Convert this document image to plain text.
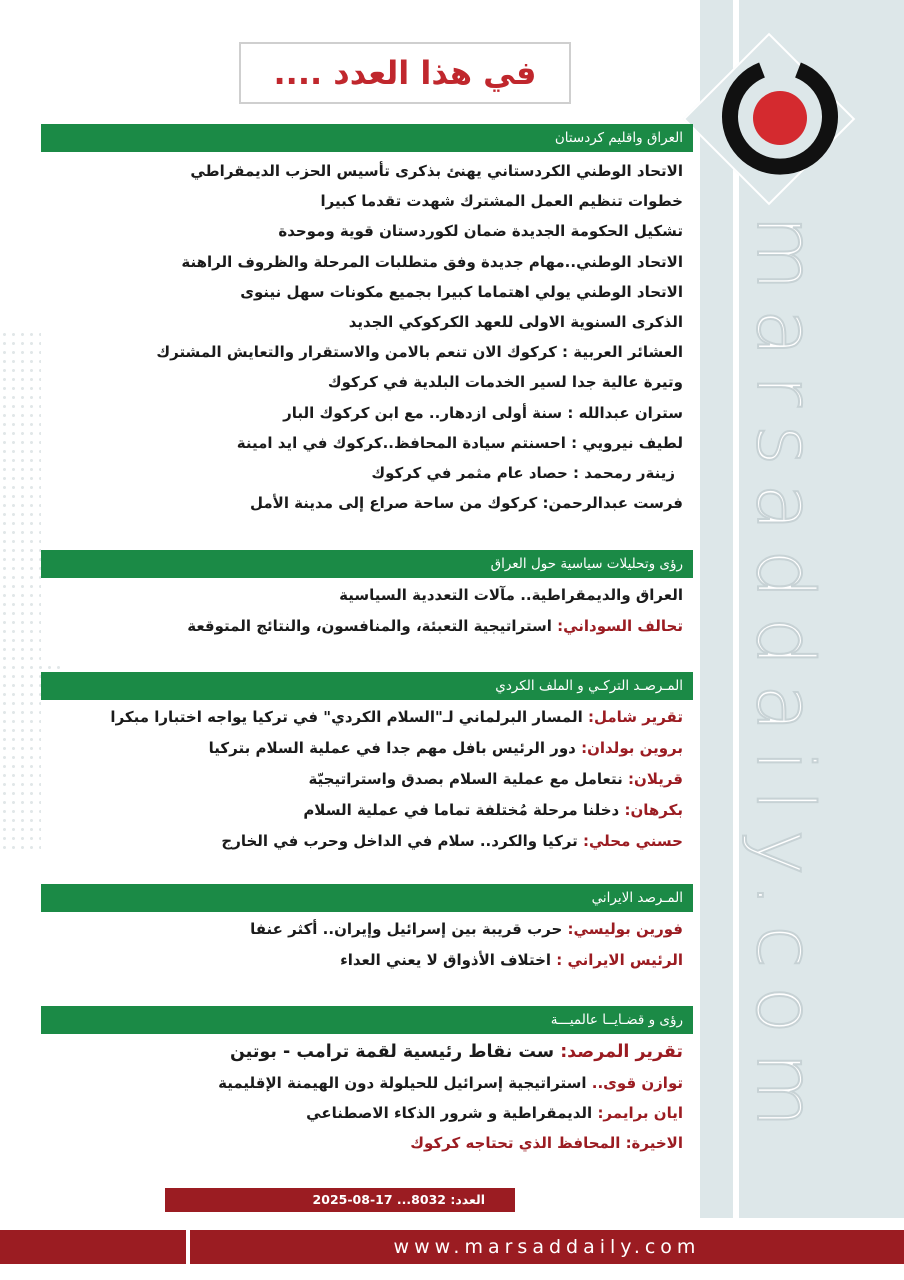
marsaddaily.com
في هذا العدد ....
العراق واقليم كردستان
الاتحاد الوطني الكردستاني يهنئ بذكرى تأسيس الحزب الديمقراطي
خطوات تنظيم العمل المشترك شهدت تقدما كبيرا
تشكيل الحكومة الجديدة ضمان لكوردستان قوية وموحدة
الاتحاد الوطني..مهام جديدة وفق متطلبات المرحلة والظروف الراهنة
الاتحاد الوطني يولي اهتماما كبيرا بجميع مكونات سهل نينوى
الذكرى السنوية الاولى للعهد الكركوكي الجديد
العشائر العربية : كركوك الان تنعم بالامن والاستقرار والتعايش المشترك
وتيرة عالية جدا لسير الخدمات البلدية في كركوك
ستران عبدالله : سنة أولى ازدهار.. مع ابن كركوك البار
لطيف نيرويي : احسنتم سيادة المحافظ..كركوك في ايد امينة
زينةر رمحمد : حصاد عام مثمر في كركوك
فرست عبدالرحمن: كركوك من ساحة صراع إلى مدينة الأمل
رؤى وتحليلات سياسية حول العراق
العراق والديمقراطية.. مآلات التعددية السياسية
تحالف السوداني: استراتيجية التعبئة، والمنافسون، والنتائج المتوقعة
المـرصـد التركـي و الملف الكردي
تقرير شامل: المسار البرلماني لـ"السلام الكردي" في تركيا يواجه اختبارا مبكرا
بروين بولدان: دور الرئيس بافل مهم جدا في عملية السلام بتركيا
قريلان: نتعامل مع عملية السلام بصدق واستراتيجيّة
بكرهان: دخلنا مرحلة مُختلفة تماما في عملية السلام
حسني محلي: تركيا والكرد.. سلام في الداخل وحرب في الخارج
المـرصد الايراني
فورين بوليسي: حرب قريبة بين إسرائيل وإيران.. أكثر عنفا
الرئيس الايراني : اختلاف الأذواق لا يعني العداء
رؤى و قضـايــا عالميـــة
تقرير المرصد: ست نقاط رئيسية لقمة ترامب - بوتين
توازن قوى.. استراتيجية إسرائيل للحيلولة دون الهيمنة الإقليمية
ايان برايمر: الديمقراطية و شرور الذكاء الاصطناعي
الاخيرة: المحافظ الذي تحتاجه كركوك
العدد: 8032... 17-08-2025
www.marsaddaily.com
